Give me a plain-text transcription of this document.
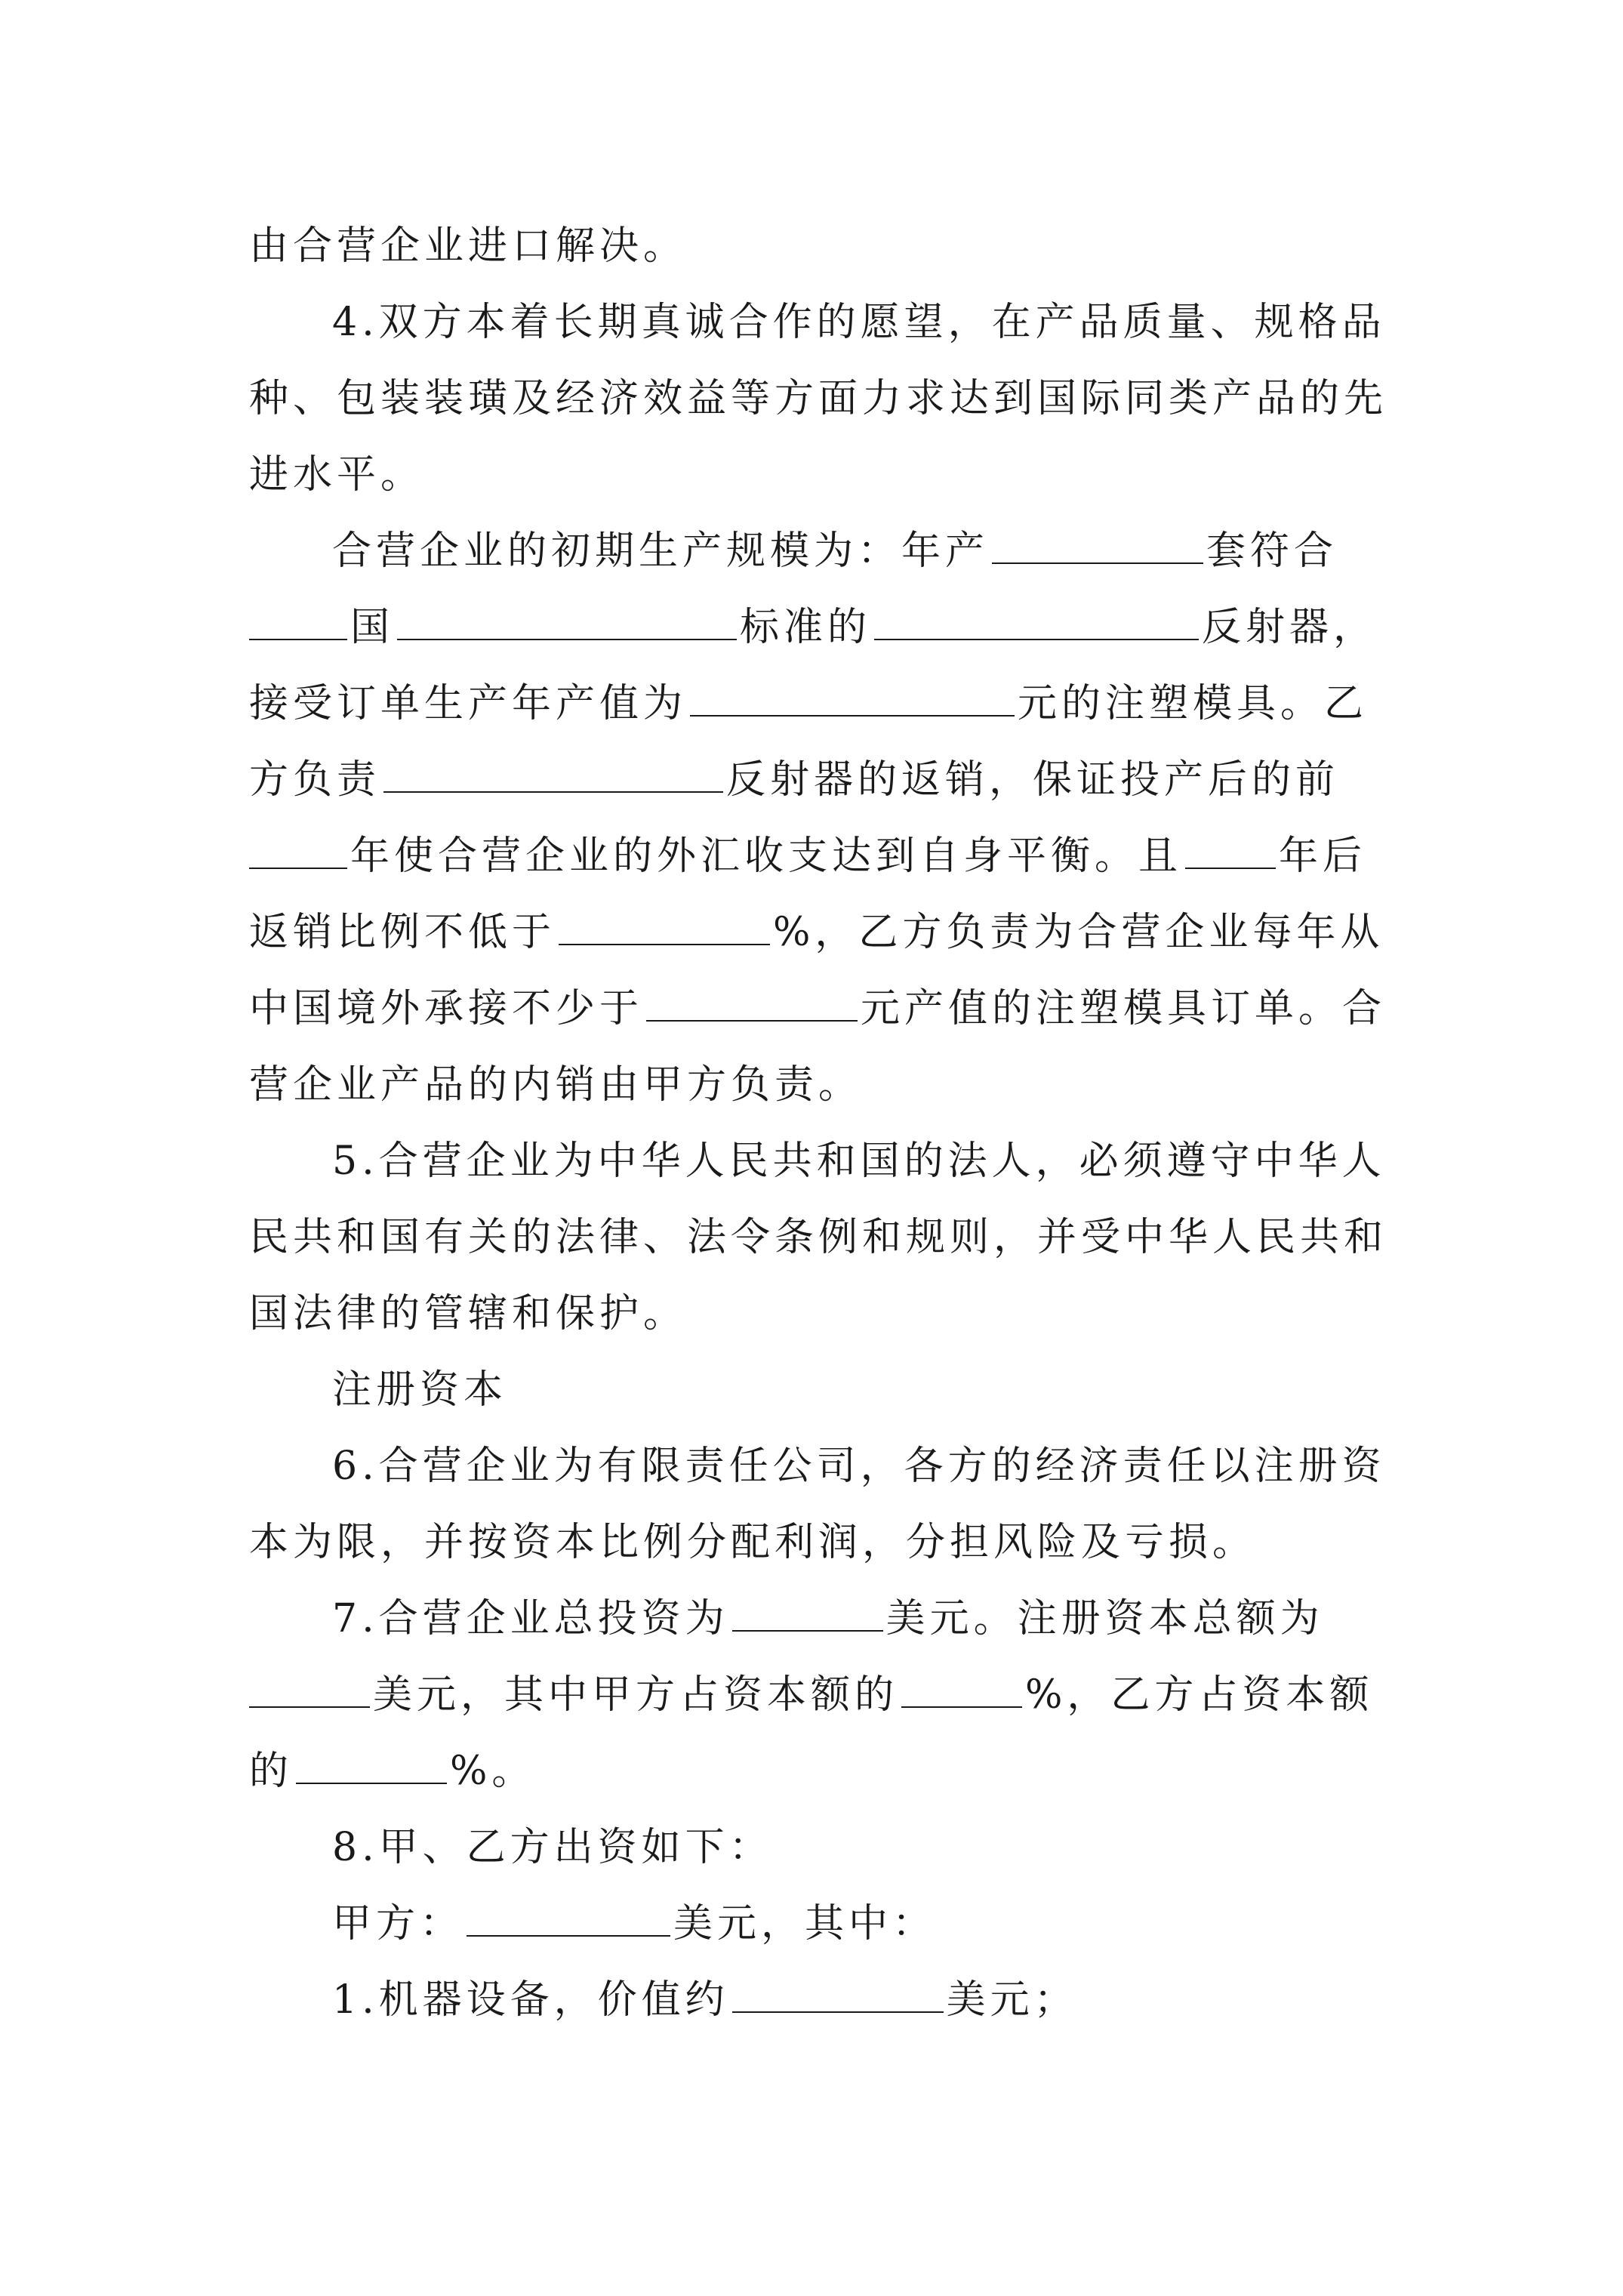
由合营企业进口解决。
4.双方本着长期真诚合作的愿望，在产品质量、规格品
种、包装装璜及经济效益等方面力求达到国际同类产品的先
进水平。
合营企业的初期生产规模为：年产	套符合
国	标准的	反射器，
接受订单生产年产值为	元的注塑模具。乙
方负责	反射器的返销，保证投产后的前
年使合营企业的外汇收支达到自身平衡。且 年后
返销比例不低于	%，乙方负责为合营企业每年从
中国境外承接不少于	元产值的注塑模具订单。合
营企业产品的内销由甲方负责。
5.合营企业为中华人民共和国的法人，必须遵守中华人
民共和国有关的法律、法令条例和规则，并受中华人民共和
国法律的管辖和保护。
注册资本
6.合营企业为有限责任公司，各方的经济责任以注册资
本为限，并按资本比例分配利润，分担风险及亏损。
7.合营企业总投资为	美元。注册资本总额为
美元，其中甲方占资本额的	%，乙方占资本额
的	%。
8.甲、乙方出资如下：
甲方：	美元，其中：
1.机器设备，价值约	美元；
